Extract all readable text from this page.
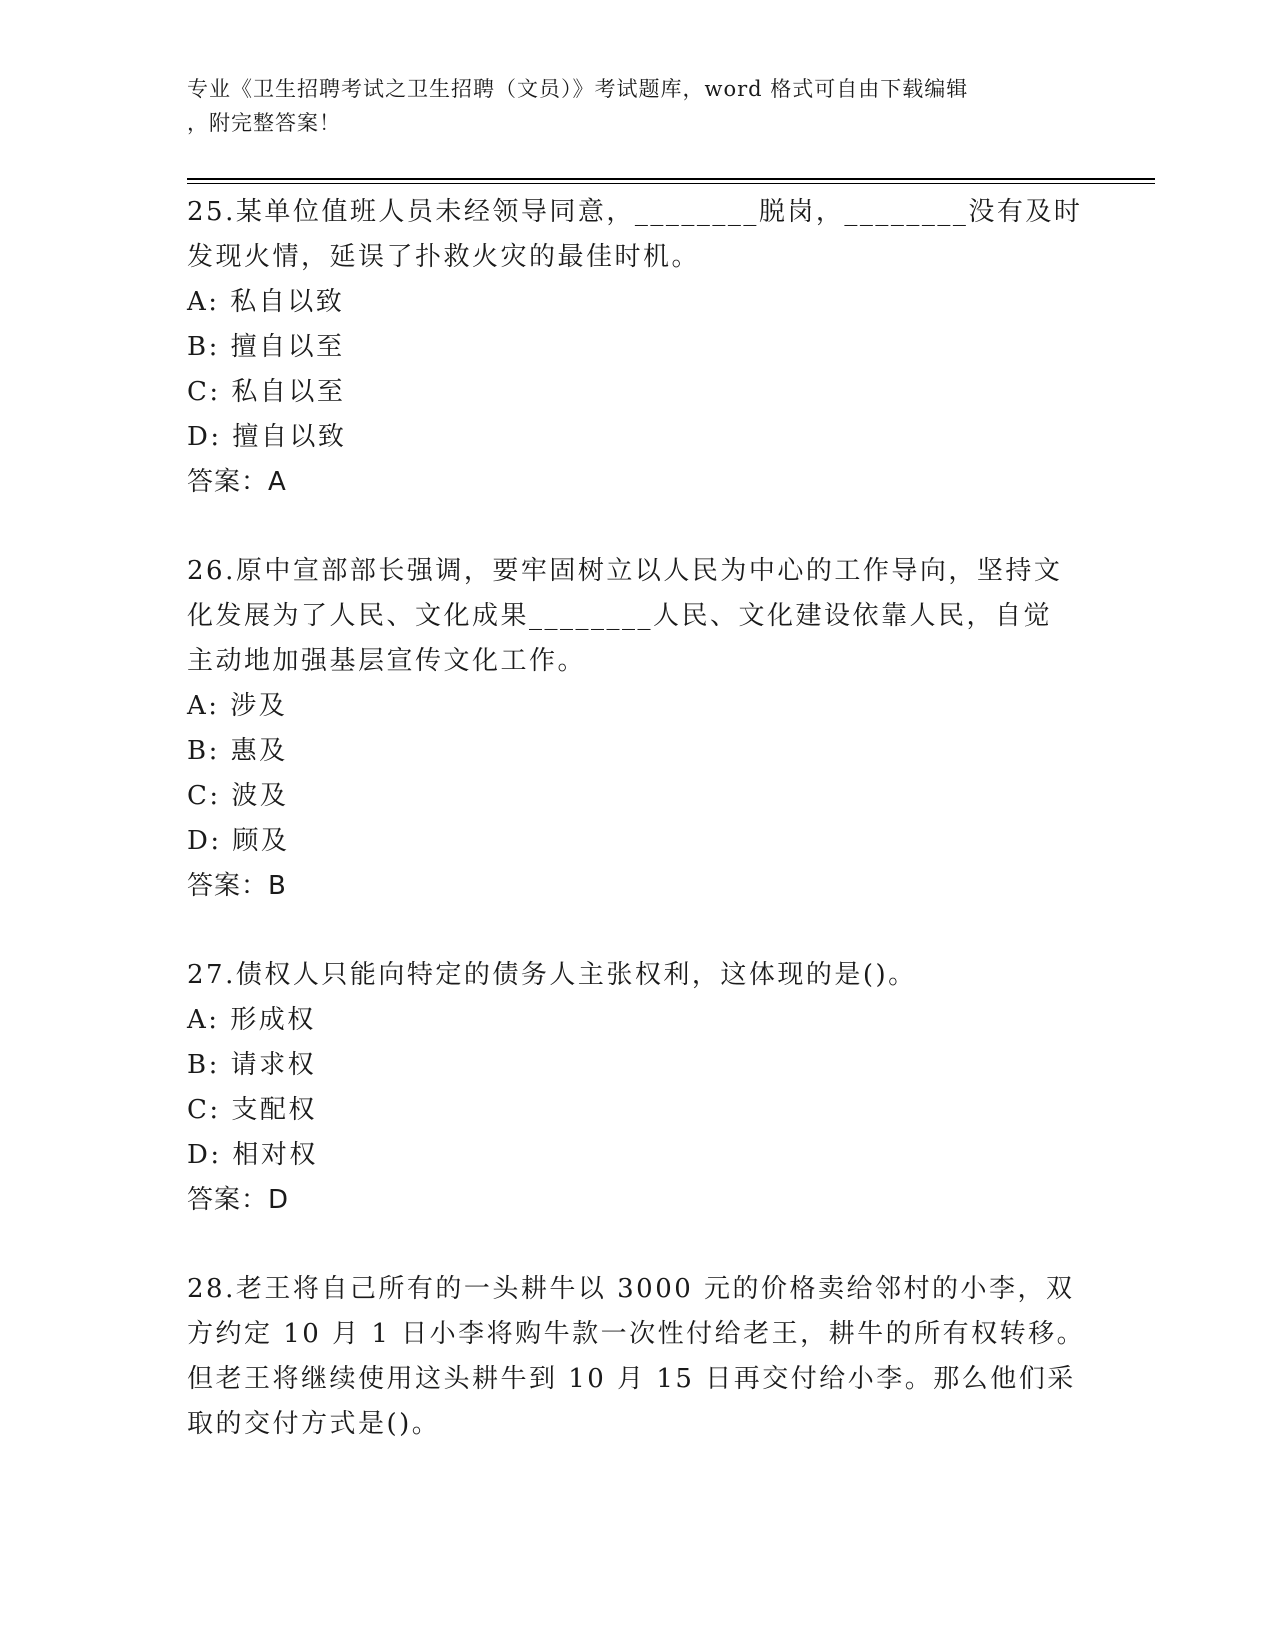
专业《卫生招聘考试之卫生招聘（文员）》考试题库，word 格式可自由下载编辑
，附完整答案！
25.某单位值班人员未经领导同意，________脱岗，________没有及时
发现火情，延误了扑救火灾的最佳时机。
A: 私自以致
B: 擅自以至
C: 私自以至
D: 擅自以致
答案：A
26.原中宣部部长强调，要牢固树立以人民为中心的工作导向，坚持文
化发展为了人民、文化成果________人民、文化建设依靠人民，自觉
主动地加强基层宣传文化工作。
A: 涉及
B: 惠及
C: 波及
D: 顾及
答案：B
27.债权人只能向特定的债务人主张权利，这体现的是()。
A: 形成权
B: 请求权
C: 支配权
D: 相对权
答案：D
28.老王将自己所有的一头耕牛以 3000 元的价格卖给邻村的小李，双
方约定 10 月 1 日小李将购牛款一次性付给老王，耕牛的所有权转移。
但老王将继续使用这头耕牛到 10 月 15 日再交付给小李。那么他们采
取的交付方式是()。
